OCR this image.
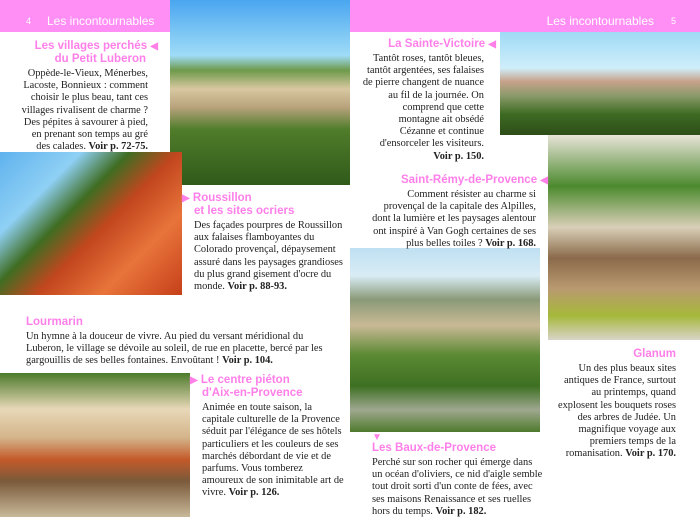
4 Les incontournables	Les incontournables 5
Les villages perchés ◀
du Petit Luberon

Oppède-le-Vieux, Ménerbes, Lacoste, Bonnieux : comment choisir le plus beau, tant ces villages rivalisent de charme ? Des pépites à savourer à pied, en prenant son temps au gré des calades. Voir p. 72-75.

▶ Roussillon
et les sites ocriers

Des façades pourpres de Roussillon aux falaises flamboyantes du Colorado provençal, dépaysement assuré dans les paysages grandioses du plus grand gisement d'ocre du monde. Voir p. 88-93.

Lourmarin

Un hymne à la douceur de vivre. Au pied du versant méridional du Luberon, le village se dévoile au soleil, de rue en placette, bercé par les gargouillis de ses belles fontaines. Envoûtant ! Voir p. 104.

▶ Le centre piéton
d'Aix-en-Provence

Animée en toute saison, la capitale culturelle de la Provence séduit par l'élégance de ses hôtels particuliers et les couleurs de ses marchés débordant de vie et de parfums. Vous tomberez amoureux de son inimitable art de vivre. Voir p. 126.

La Sainte-Victoire ◀

Tantôt roses, tantôt bleues, tantôt argentées, ses falaises de pierre changent de nuance au fil de la journée. On comprend que cette montagne ait obsédé Cézanne et continue d'ensorceler les visiteurs. Voir p. 150.

Saint-Rémy-de-Provence ◀

Comment résister au charme si provençal de la capitale des Alpilles, dont la lumière et les paysages alentour ont inspiré à Van Gogh certaines de ses plus belles toiles ? Voir p. 168.

Glanum

Un des plus beaux sites antiques de France, surtout au printemps, quand explosent les bouquets roses des arbres de Judée. Un magnifique voyage aux premiers temps de la romanisation. Voir p. 170.

▼
Les Baux-de-Provence

Perché sur son rocher qui émerge dans un océan d'oliviers, ce nid d'aigle semble tout droit sorti d'un conte de fées, avec ses maisons Renaissance et ses ruelles hors du temps. Voir p. 182.
